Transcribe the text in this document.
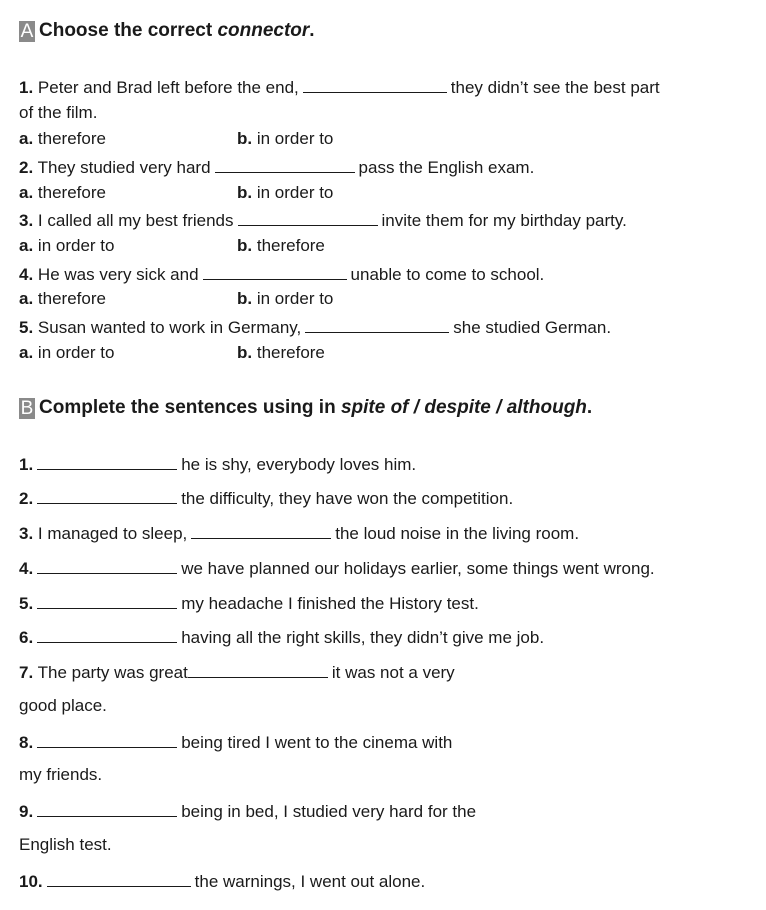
A Choose the correct connector.
1. Peter and Brad left before the end,	they didn’t see the best part
of the film.
a. therefore	b. in order to
2. They studied very hard	pass the English exam.
a. therefore	b. in order to
3. I called all my best friends	invite them for my birthday party.
a. in order to	b. therefore
4. He was very sick and	unable to come to school.
a. therefore	b. in order to
5. Susan wanted to work in Germany,	she studied German.
a. in order to	b. therefore
B Complete the sentences using in spite of / despite / although.
1.	he is shy, everybody loves him.
2.	the difficulty, they have won the competition.
3. I managed to sleep,	the loud noise in the living room.
4.	we have planned our holidays earlier, some things went wrong.
5.	my headache I finished the History test.
6.	having all the right skills, they didn’t give me job.
7. The party was great	it was not a very
good place.
8.	being tired I went to the cinema with
my friends.
9.	being in bed, I studied very hard for the
English test.
10.	the warnings, I went out alone.
